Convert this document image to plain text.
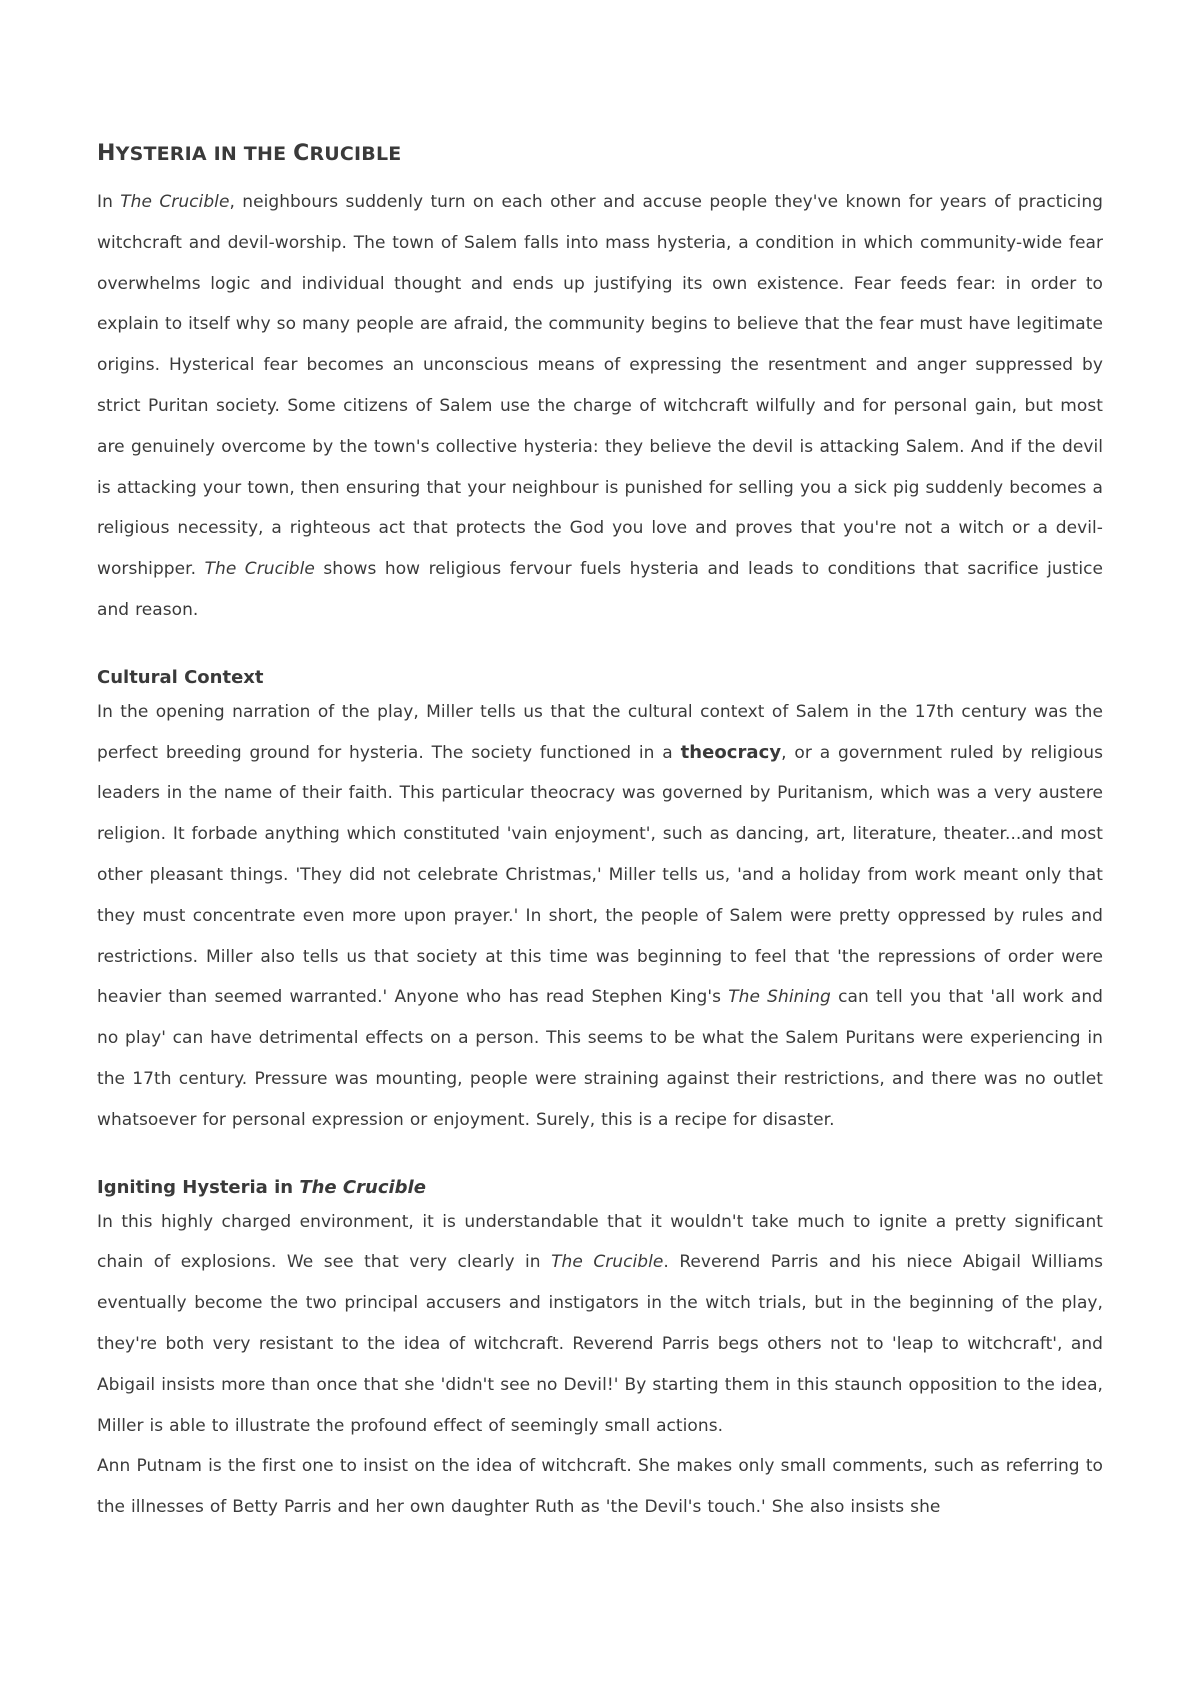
HYSTERIA IN THE CRUCIBLE

In The Crucible, neighbours suddenly turn on each other and accuse people they've known for years of practicing witchcraft and devil-worship. The town of Salem falls into mass hysteria, a condition in which community-wide fear overwhelms logic and individual thought and ends up justifying its own existence. Fear feeds fear: in order to explain to itself why so many people are afraid, the community begins to believe that the fear must have legitimate origins. Hysterical fear becomes an unconscious means of expressing the resentment and anger suppressed by strict Puritan society. Some citizens of Salem use the charge of witchcraft wilfully and for personal gain, but most are genuinely overcome by the town's collective hysteria: they believe the devil is attacking Salem. And if the devil is attacking your town, then ensuring that your neighbour is punished for selling you a sick pig suddenly becomes a religious necessity, a righteous act that protects the God you love and proves that you're not a witch or a devil-worshipper. The Crucible shows how religious fervour fuels hysteria and leads to conditions that sacrifice justice and reason.

Cultural Context

In the opening narration of the play, Miller tells us that the cultural context of Salem in the 17th century was the perfect breeding ground for hysteria. The society functioned in a theocracy, or a government ruled by religious leaders in the name of their faith. This particular theocracy was governed by Puritanism, which was a very austere religion. It forbade anything which constituted 'vain enjoyment', such as dancing, art, literature, theater...and most other pleasant things. 'They did not celebrate Christmas,' Miller tells us, 'and a holiday from work meant only that they must concentrate even more upon prayer.' In short, the people of Salem were pretty oppressed by rules and restrictions. Miller also tells us that society at this time was beginning to feel that 'the repressions of order were heavier than seemed warranted.' Anyone who has read Stephen King's The Shining can tell you that 'all work and no play' can have detrimental effects on a person. This seems to be what the Salem Puritans were experiencing in the 17th century. Pressure was mounting, people were straining against their restrictions, and there was no outlet whatsoever for personal expression or enjoyment. Surely, this is a recipe for disaster.

Igniting Hysteria in The Crucible

In this highly charged environment, it is understandable that it wouldn't take much to ignite a pretty significant chain of explosions. We see that very clearly in The Crucible. Reverend Parris and his niece Abigail Williams eventually become the two principal accusers and instigators in the witch trials, but in the beginning of the play, they're both very resistant to the idea of witchcraft. Reverend Parris begs others not to 'leap to witchcraft', and Abigail insists more than once that she 'didn't see no Devil!' By starting them in this staunch opposition to the idea, Miller is able to illustrate the profound effect of seemingly small actions.

Ann Putnam is the first one to insist on the idea of witchcraft. She makes only small comments, such as referring to the illnesses of Betty Parris and her own daughter Ruth as 'the Devil's touch.' She also insists she
